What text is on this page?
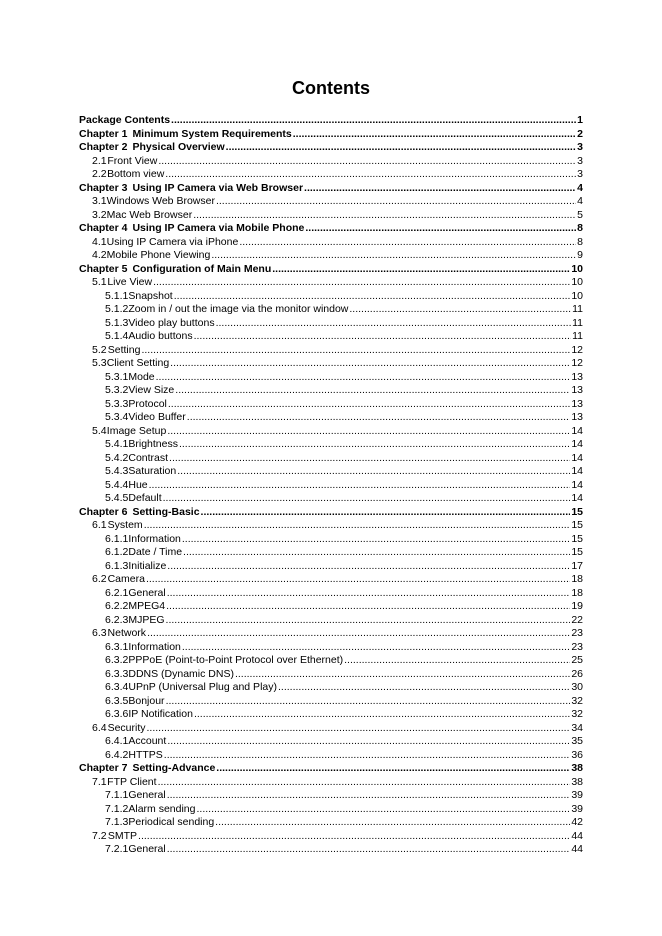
Contents
Package Contents .....	1
Chapter 1 Minimum System Requirements .....	2
Chapter 2 Physical Overview .....	3
2.1 Front View .....	3
2.2 Bottom view .....	3
Chapter 3 Using IP Camera via Web Browser .....	4
3.1 Windows Web Browser .....	4
3.2 Mac Web Browser .....	5
Chapter 4 Using IP Camera via Mobile Phone .....	8
4.1 Using IP Camera via iPhone .....	8
4.2 Mobile Phone Viewing .....	9
Chapter 5 Configuration of Main Menu .....	10
5.1 Live View .....	10
5.1.1 Snapshot .....	10
5.1.2 Zoom in / out the image via the monitor window .....	11
5.1.3 Video play buttons .....	11
5.1.4 Audio buttons .....	11
5.2 Setting .....	12
5.3 Client Setting .....	12
5.3.1 Mode .....	13
5.3.2 View Size .....	13
5.3.3 Protocol .....	13
5.3.4 Video Buffer .....	13
5.4 Image Setup .....	14
5.4.1 Brightness .....	14
5.4.2 Contrast .....	14
5.4.3 Saturation .....	14
5.4.4 Hue .....	14
5.4.5 Default .....	14
Chapter 6 Setting-Basic .....	15
6.1 System .....	15
6.1.1 Information .....	15
6.1.2 Date / Time .....	15
6.1.3 Initialize .....	17
6.2 Camera .....	18
6.2.1 General .....	18
6.2.2 MPEG4 .....	19
6.2.3 MJPEG .....	22
6.3 Network .....	23
6.3.1 Information .....	23
6.3.2 PPPoE (Point-to-Point Protocol over Ethernet) .....	25
6.3.3 DDNS (Dynamic DNS) .....	26
6.3.4 UPnP (Universal Plug and Play) .....	30
6.3.5 Bonjour .....	32
6.3.6 IP Notification .....	32
6.4 Security .....	34
6.4.1 Account .....	35
6.4.2 HTTPS .....	36
Chapter 7 Setting-Advance .....	38
7.1 FTP Client .....	38
7.1.1 General .....	39
7.1.2 Alarm sending .....	39
7.1.3 Periodical sending .....	42
7.2 SMTP .....	44
7.2.1 General .....	44
